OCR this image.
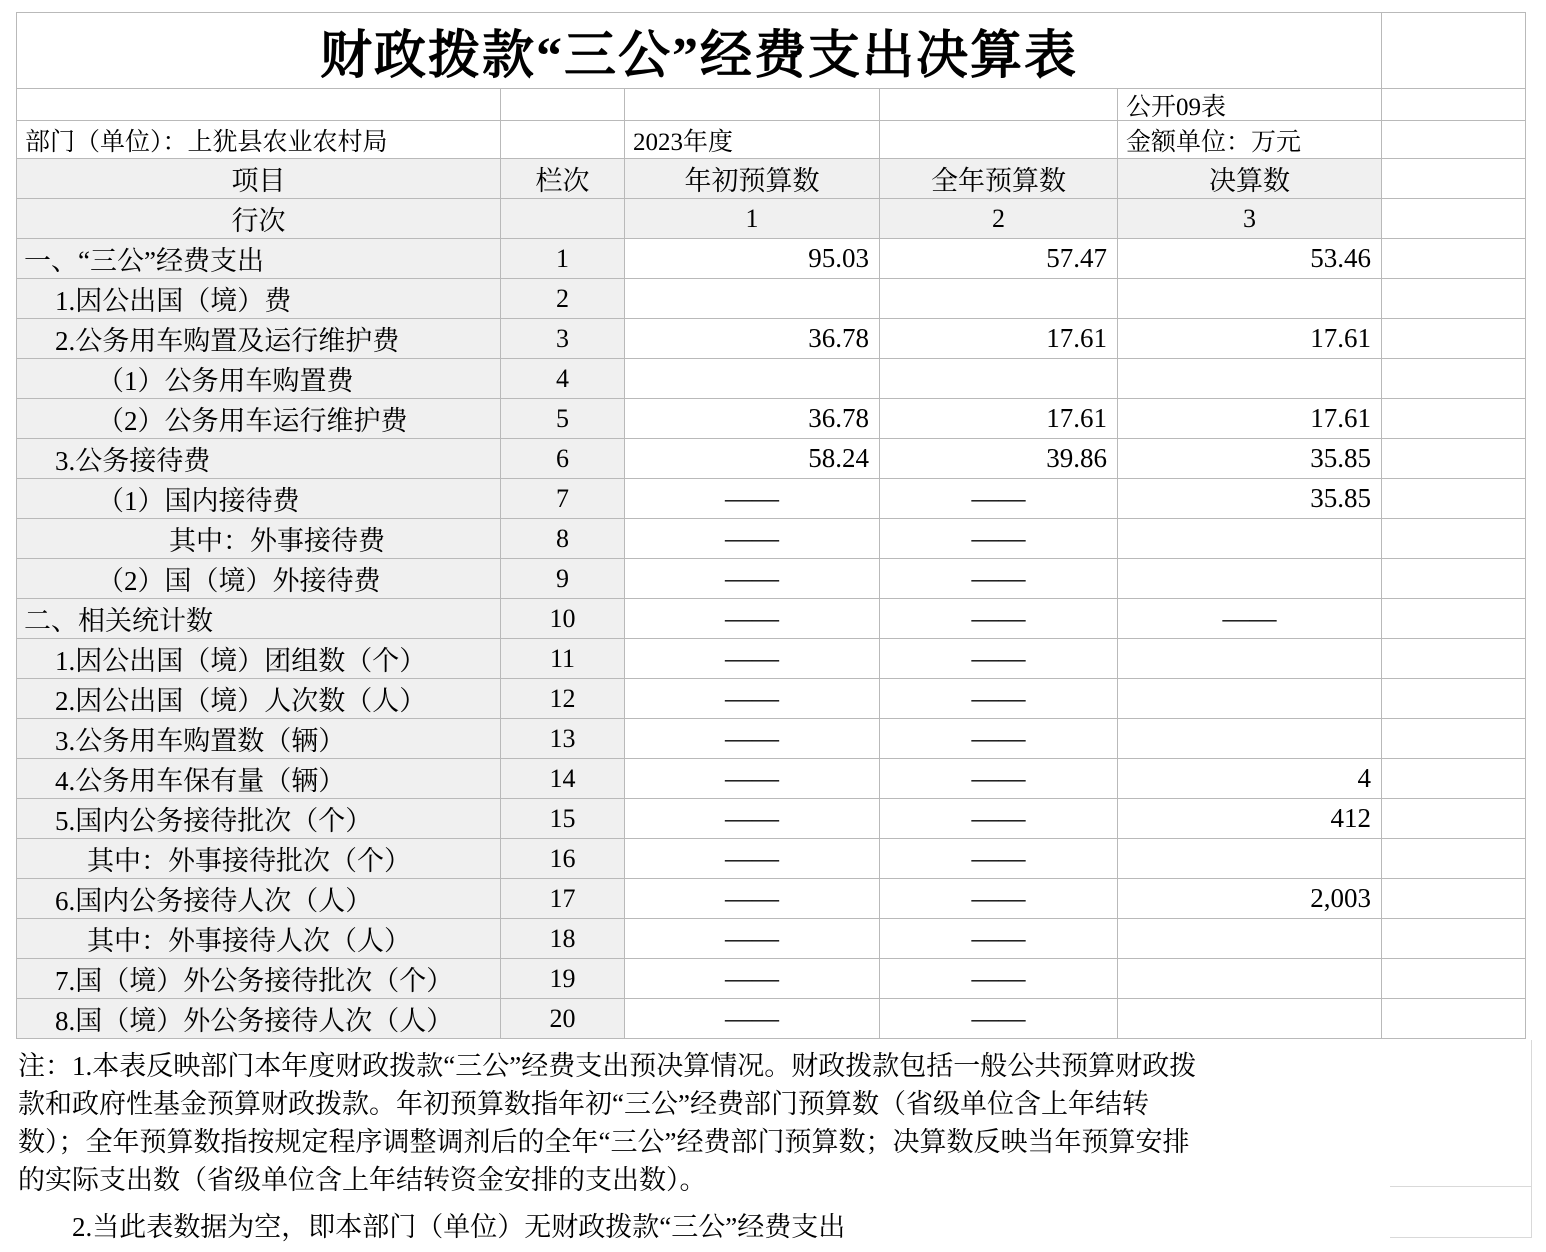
财政拨款“三公”经费支出决算表
公开09表
部门（单位）：上犹县农业农村局	2023年度	金额单位：万元
项目	栏次	年初预算数	全年预算数	决算数
行次	1	2	3
一、“三公”经费支出	1	95.03	57.47	53.46
1.因公出国（境）费	2
2.公务用车购置及运行维护费	3	36.78	17.61	17.61
（1）公务用车购置费	4
（2）公务用车运行维护费	5	36.78	17.61	17.61
3.公务接待费	6	58.24	39.86	35.85
（1）国内接待费	7	——	——	35.85
其中：外事接待费	8	——	——
（2）国（境）外接待费	9	——	——
二、相关统计数	10	——	——	——
1.因公出国（境）团组数（个）	11	——	——
2.因公出国（境）人次数（人）	12	——	——
3.公务用车购置数（辆）	13	——	——
4.公务用车保有量（辆）	14	——	——	4
5.国内公务接待批次（个）	15	——	——	412
其中：外事接待批次（个）	16	——	——
6.国内公务接待人次（人）	17	——	——	2,003
其中：外事接待人次（人）	18	——	——
7.国（境）外公务接待批次（个）	19	——	——
8.国（境）外公务接待人次（人）	20	——	——
注：1.本表反映部门本年度财政拨款“三公”经费支出预决算情况。财政拨款包括一般公共预算财政拨
款和政府性基金预算财政拨款。年初预算数指年初“三公”经费部门预算数（省级单位含上年结转
数）；全年预算数指按规定程序调整调剂后的全年“三公”经费部门预算数；决算数反映当年预算安排
的实际支出数（省级单位含上年结转资金安排的支出数）。
2.当此表数据为空，即本部门（单位）无财政拨款“三公”经费支出
